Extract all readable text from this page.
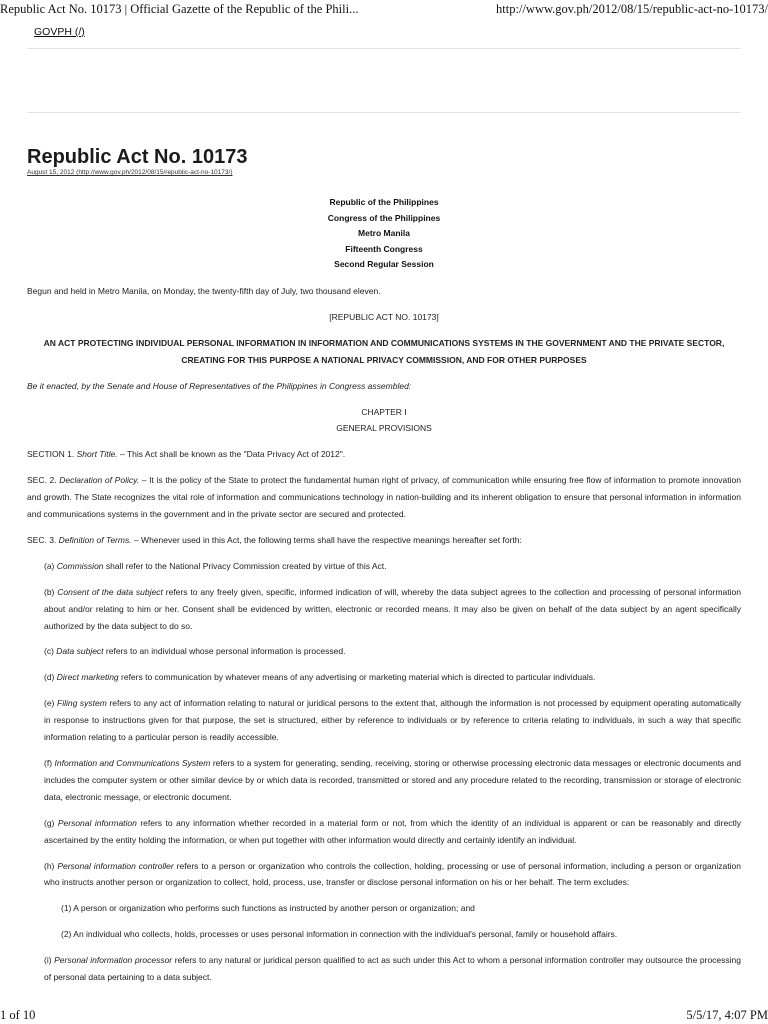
Republic Act No. 10173 | Official Gazette of the Republic of the Phili...	http://www.gov.ph/2012/08/15/republic-act-no-10173/
GOVPH (/)
Republic Act No. 10173
August 15, 2012 (http://www.gov.ph/2012/08/15/republic-act-no-10173/)
Republic of the Philippines
Congress of the Philippines
Metro Manila
Fifteenth Congress
Second Regular Session

Begun and held in Metro Manila, on Monday, the twenty-fifth day of July, two thousand eleven.

[REPUBLIC ACT NO. 10173]

AN ACT PROTECTING INDIVIDUAL PERSONAL INFORMATION IN INFORMATION AND COMMUNICATIONS SYSTEMS IN THE GOVERNMENT AND THE PRIVATE SECTOR, CREATING FOR THIS PURPOSE A NATIONAL PRIVACY COMMISSION, AND FOR OTHER PURPOSES

Be it enacted, by the Senate and House of Representatives of the Philippines in Congress assembled:

CHAPTER I

GENERAL PROVISIONS

SECTION 1. Short Title. – This Act shall be known as the "Data Privacy Act of 2012".

SEC. 2. Declaration of Policy. – It is the policy of the State to protect the fundamental human right of privacy, of communication while ensuring free flow of information to promote innovation and growth. The State recognizes the vital role of information and communications technology in nation-building and its inherent obligation to ensure that personal information in information and communications systems in the government and in the private sector are secured and protected.

SEC. 3. Definition of Terms. – Whenever used in this Act, the following terms shall have the respective meanings hereafter set forth:

(a) Commission shall refer to the National Privacy Commission created by virtue of this Act.

(b) Consent of the data subject refers to any freely given, specific, informed indication of will, whereby the data subject agrees to the collection and processing of personal information about and/or relating to him or her. Consent shall be evidenced by written, electronic or recorded means. It may also be given on behalf of the data subject by an agent specifically authorized by the data subject to do so.

(c) Data subject refers to an individual whose personal information is processed.

(d) Direct marketing refers to communication by whatever means of any advertising or marketing material which is directed to particular individuals.

(e) Filing system refers to any act of information relating to natural or juridical persons to the extent that, although the information is not processed by equipment operating automatically in response to instructions given for that purpose, the set is structured, either by reference to individuals or by reference to criteria relating to individuals, in such a way that specific information relating to a particular person is readily accessible.

(f) Information and Communications System refers to a system for generating, sending, receiving, storing or otherwise processing electronic data messages or electronic documents and includes the computer system or other similar device by or which data is recorded, transmitted or stored and any procedure related to the recording, transmission or storage of electronic data, electronic message, or electronic document.

(g) Personal information refers to any information whether recorded in a material form or not, from which the identity of an individual is apparent or can be reasonably and directly ascertained by the entity holding the information, or when put together with other information would directly and certainly identify an individual.

(h) Personal information controller refers to a person or organization who controls the collection, holding, processing or use of personal information, including a person or organization who instructs another person or organization to collect, hold, process, use, transfer or disclose personal information on his or her behalf. The term excludes:

(1) A person or organization who performs such functions as instructed by another person or organization; and

(2) An individual who collects, holds, processes or uses personal information in connection with the individual's personal, family or household affairs.

(i) Personal information processor refers to any natural or juridical person qualified to act as such under this Act to whom a personal information controller may outsource the processing of personal data pertaining to a data subject.

1 of 10	5/5/17, 4:07 PM
